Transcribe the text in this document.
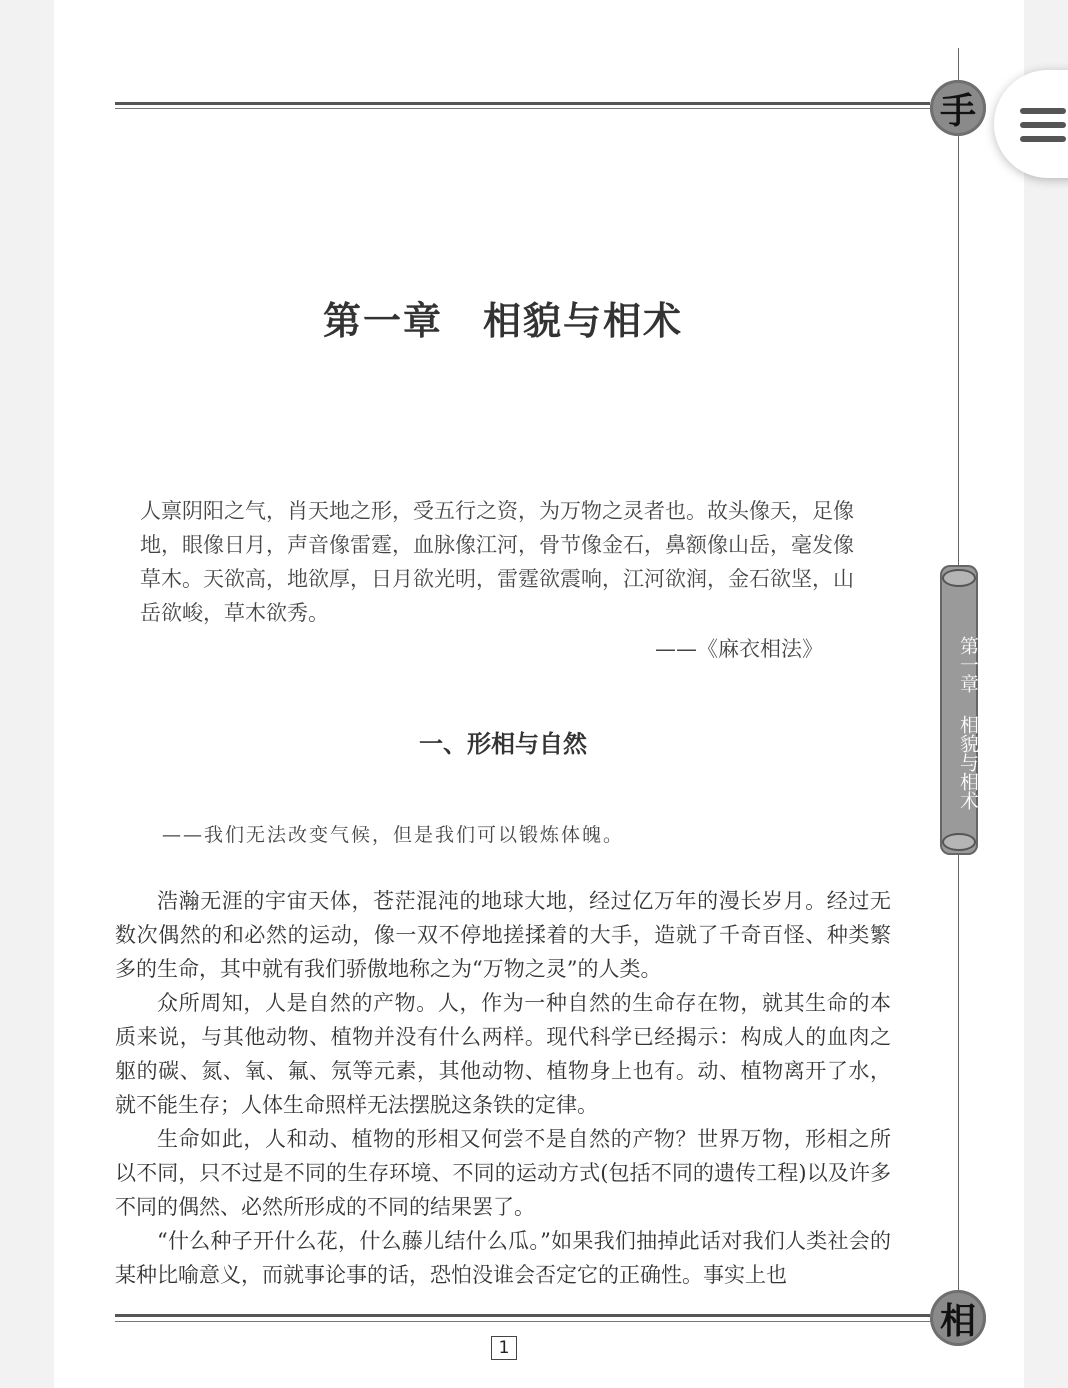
手
相
第一章 相貌与相术
第一章　相貌与相术

人禀阴阳之气，肖天地之形，受五行之资，为万物之灵者也。故头像天，足像地，眼像日月，声音像雷霆，血脉像江河，骨节像金石，鼻额像山岳，毫发像草木。天欲高，地欲厚，日月欲光明，雷霆欲震响，江河欲润，金石欲坚，山岳欲峻，草木欲秀。

——《麻衣相法》
一、形相与自然
——我们无法改变气候，但是我们可以锻炼体魄。

浩瀚无涯的宇宙天体，苍茫混沌的地球大地，经过亿万年的漫长岁月。经过无数次偶然的和必然的运动，像一双不停地搓揉着的大手，造就了千奇百怪、种类繁多的生命，其中就有我们骄傲地称之为“万物之灵”的人类。

众所周知，人是自然的产物。人，作为一种自然的生命存在物，就其生命的本质来说，与其他动物、植物并没有什么两样。现代科学已经揭示：构成人的血肉之躯的碳、氮、氧、氟、氖等元素，其他动物、植物身上也有。动、植物离开了水，就不能生存；人体生命照样无法摆脱这条铁的定律。

生命如此，人和动、植物的形相又何尝不是自然的产物？世界万物，形相之所以不同，只不过是不同的生存环境、不同的运动方式(包括不同的遗传工程)以及许多不同的偶然、必然所形成的不同的结果罢了。

“什么种子开什么花，什么藤儿结什么瓜。”如果我们抽掉此话对我们人类社会的某种比喻意义，而就事论事的话，恐怕没谁会否定它的正确性。事实上也

1
